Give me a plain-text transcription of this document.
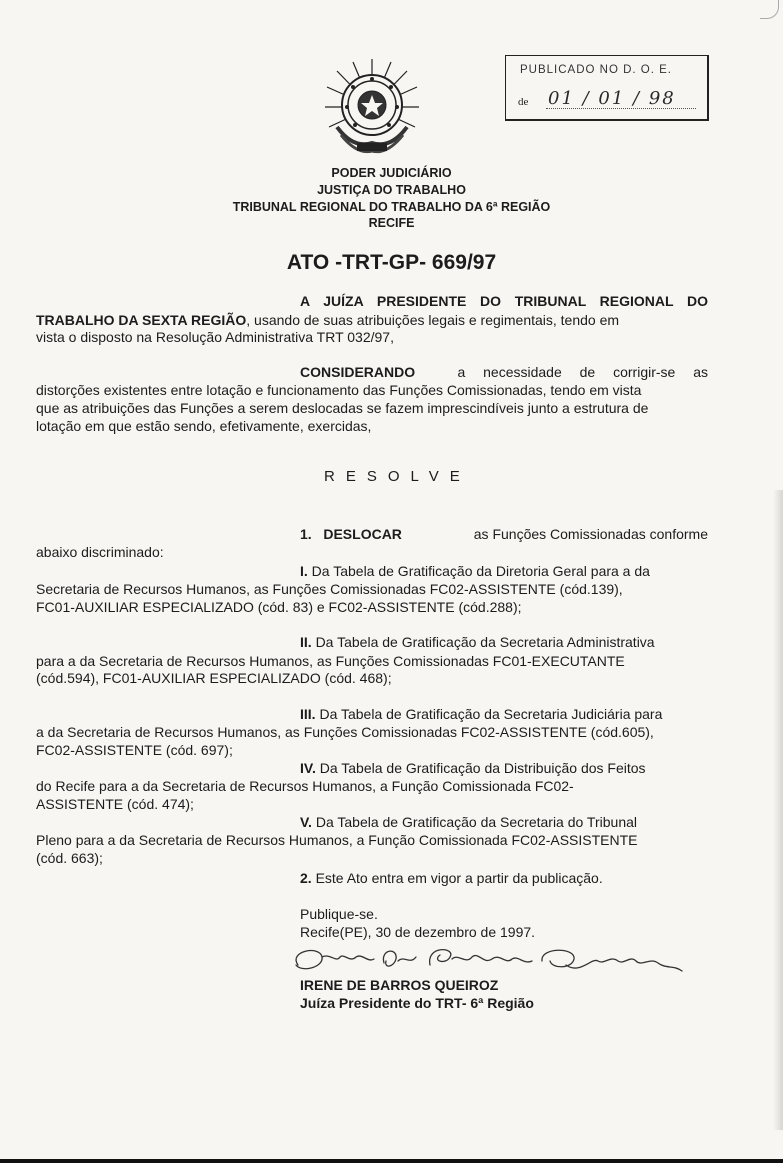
PUBLICADO NO D. O. E.
de 01 / 01 / 98
PODER JUDICIÁRIO
JUSTIÇA DO TRABALHO
TRIBUNAL REGIONAL DO TRABALHO DA 6ª REGIÃO
RECIFE
ATO -TRT-GP- 669/97
A JUÍZA PRESIDENTE DO TRIBUNAL REGIONAL DO
TRABALHO DA SEXTA REGIÃO, usando de suas atribuições legais e regimentais, tendo em
vista o disposto na Resolução Administrativa TRT 032/97,
CONSIDERANDO	a necessidade de corrigir-se as
distorções existentes entre lotação e funcionamento das Funções Comissionadas, tendo em vista
que as atribuições das Funções a serem deslocadas se fazem imprescindíveis junto a estrutura de
lotação em que estão sendo, efetivamente, exercidas,
RESOLVE
1. DESLOCAR	as Funções Comissionadas conforme
abaixo discriminado:
I. Da Tabela de Gratificação da Diretoria Geral para a da
Secretaria de Recursos Humanos, as Funções Comissionadas FC02-ASSISTENTE (cód.139),
FC01-AUXILIAR ESPECIALIZADO (cód. 83) e FC02-ASSISTENTE (cód.288);
II. Da Tabela de Gratificação da Secretaria Administrativa
para a da Secretaria de Recursos Humanos, as Funções Comissionadas FC01-EXECUTANTE
(cód.594), FC01-AUXILIAR ESPECIALIZADO (cód. 468);
III. Da Tabela de Gratificação da Secretaria Judiciária para
a da Secretaria de Recursos Humanos, as Funções Comissionadas FC02-ASSISTENTE (cód.605),
FC02-ASSISTENTE (cód. 697);
IV. Da Tabela de Gratificação da Distribuição dos Feitos
do Recife para a da Secretaria de Recursos Humanos, a Função Comissionada FC02-
ASSISTENTE (cód. 474);
V. Da Tabela de Gratificação da Secretaria do Tribunal
Pleno para a da Secretaria de Recursos Humanos, a Função Comissionada FC02-ASSISTENTE
(cód. 663);
2. Este Ato entra em vigor a partir da publicação.
Publique-se.
Recife(PE), 30 de dezembro de 1997.
Irene de Barros Queiroz
IRENE DE BARROS QUEIROZ
Juíza Presidente do TRT- 6ª Região
